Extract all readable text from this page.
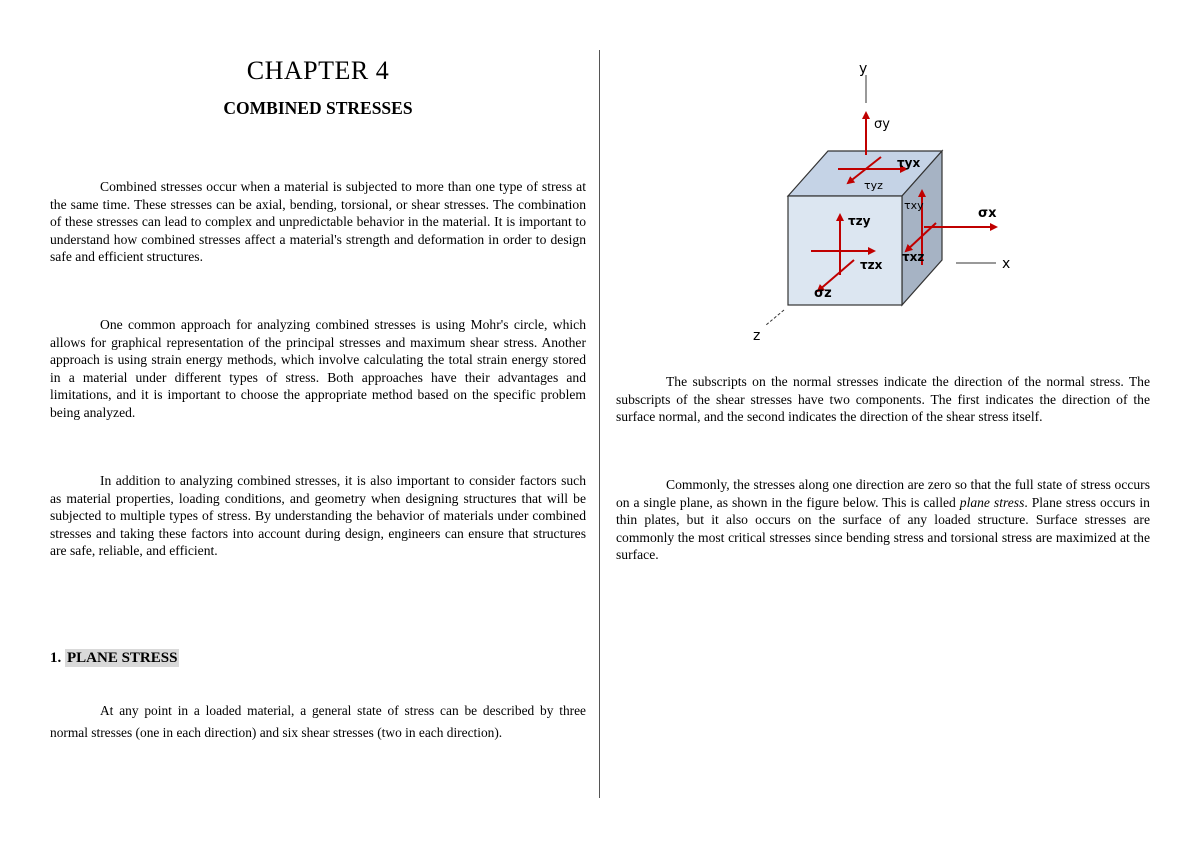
CHAPTER 4
COMBINED STRESSES

Combined stresses occur when a material is subjected to more than one type of stress at the same time. These stresses can be axial, bending, torsional, or shear stresses. The combination of these stresses can lead to complex and unpredictable behavior in the material. It is important to understand how combined stresses affect a material's strength and deformation in order to design safe and efficient structures.

One common approach for analyzing combined stresses is using Mohr's circle, which allows for graphical representation of the principal stresses and maximum shear stress. Another approach is using strain energy methods, which involve calculating the total strain energy stored in a material under different types of stress. Both approaches have their advantages and limitations, and it is important to choose the appropriate method based on the specific problem being analyzed.

In addition to analyzing combined stresses, it is also important to consider factors such as material properties, loading conditions, and geometry when designing structures that will be subjected to multiple types of stress. By understanding the behavior of materials under combined stresses and taking these factors into account during design, engineers can ensure that structures are safe, reliable, and efficient.

1. PLANE STRESS

At any point in a loaded material, a general state of stress can be described by three normal stresses (one in each direction) and six shear stresses (two in each direction).

y
x
z
σy
τyx
τyz
σx
τxy
τxz
τzy
τzx
σz

The subscripts on the normal stresses indicate the direction of the normal stress. The subscripts of the shear stresses have two components. The first indicates the direction of the surface normal, and the second indicates the direction of the shear stress itself.

Commonly, the stresses along one direction are zero so that the full state of stress occurs on a single plane, as shown in the figure below. This is called plane stress. Plane stress occurs in thin plates, but it also occurs on the surface of any loaded structure. Surface stresses are commonly the most critical stresses since bending stress and torsional stress are maximized at the surface.
